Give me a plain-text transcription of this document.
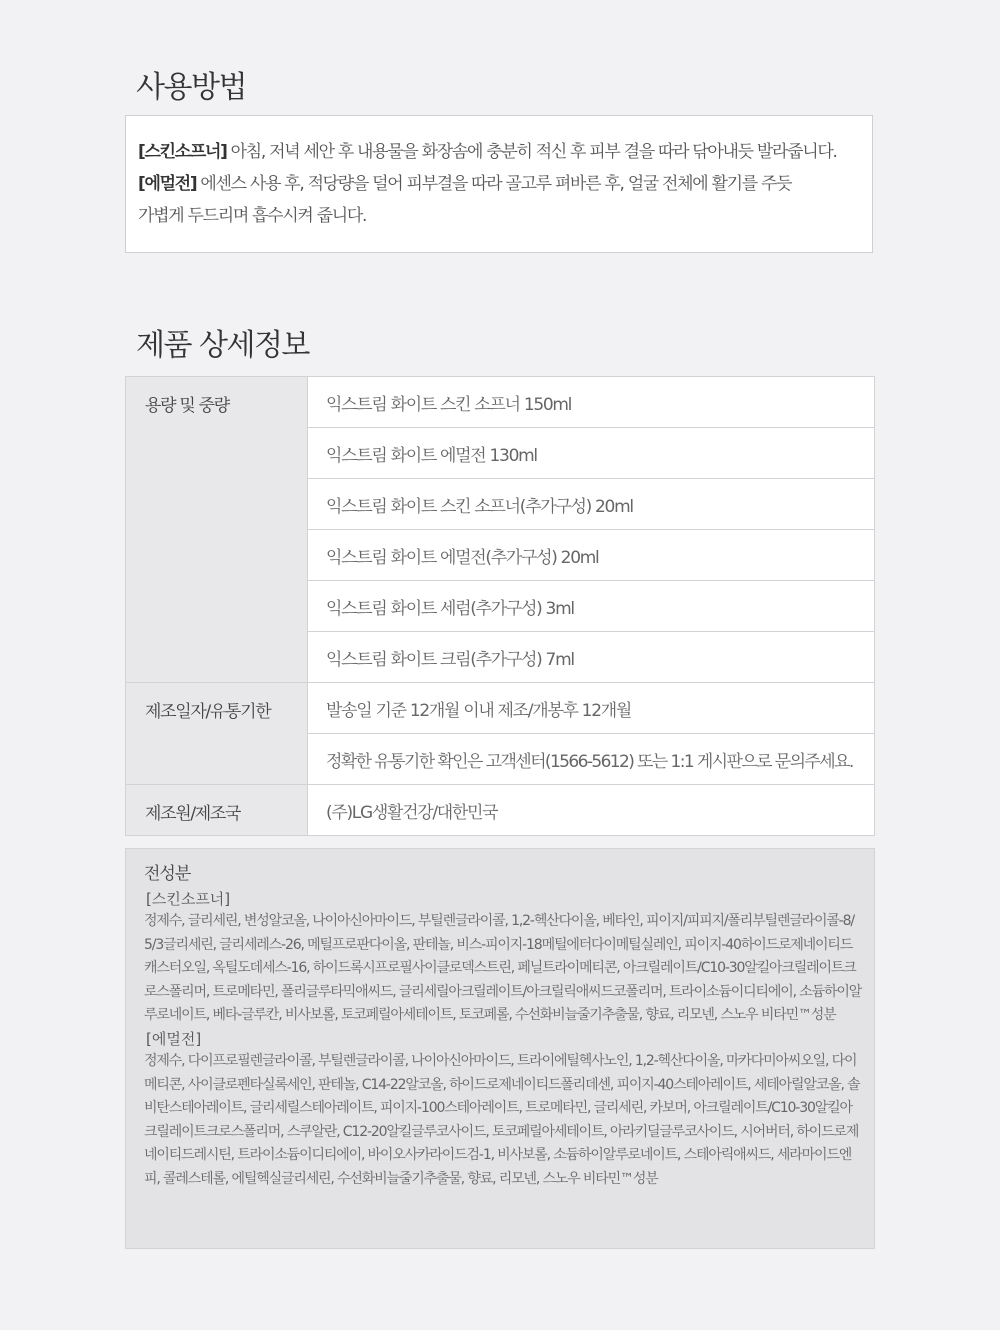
사용방법
[스킨소프너] 아침, 저녁 세안 후 내용물을 화장솜에 충분히 적신 후 피부 결을 따라 닦아내듯 발라줍니다.
[에멀전] 에센스 사용 후, 적당량을 덜어 피부결을 따라 골고루 펴바른 후, 얼굴 전체에 활기를 주듯
가볍게 두드리며 흡수시켜 줍니다.
제품 상세정보
용량 및 중량	익스트림 화이트 스킨 소프너 150ml
	익스트림 화이트 에멀전 130ml
	익스트림 화이트 스킨 소프너(추가구성) 20ml
	익스트림 화이트 에멀전(추가구성) 20ml
	익스트림 화이트 세럼(추가구성) 3ml
	익스트림 화이트 크림(추가구성) 7ml
제조일자/유통기한	발송일 기준 12개월 이내 제조/개봉후 12개월
	정확한 유통기한 확인은 고객센터(1566-5612) 또는 1:1 게시판으로 문의주세요.
제조원/제조국	(주)LG생활건강/대한민국
전성분
[스킨소프너]
정제수, 글리세린, 변성알코올, 나이아신아마이드, 부틸렌글라이콜, 1,2-헥산다이올, 베타인, 피이지/피피지/폴리부틸렌글라이콜-8/5/3글리세린, 글리세레스-26, 메틸프로판다이올, 판테놀, 비스-피이지-18메틸에터다이메틸실레인, 피이지-40하이드로제네이티드캐스터오일, 옥틸도데세스-16, 하이드록시프로필사이클로덱스트린, 페닐트라이메티콘, 아크릴레이트/C10-30알킬아크릴레이트크로스폴리머, 트로메타민, 폴리글루타믹애씨드, 글리세릴아크릴레이트/아크릴릭애씨드코폴리머, 트라이소듐이디티에이, 소듐하이알루로네이트, 베타-글루칸, 비사보롤, 토코페릴아세테이트, 토코페롤, 수선화비늘줄기추출물, 향료, 리모넨, 스노우 비타민™성분
[에멀전]
정제수, 다이프로필렌글라이콜, 부틸렌글라이콜, 나이아신아마이드, 트라이에틸헥사노인, 1,2-헥산다이올, 마카다미아씨오일, 다이메티콘, 사이클로펜타실록세인, 판테놀, C14-22알코올, 하이드로제네이티드폴리데센, 피이지-40스테아레이트, 세테아릴알코올, 솔비탄스테아레이트, 글리세릴스테아레이트, 피이지-100스테아레이트, 트로메타민, 글리세린, 카보머, 아크릴레이트/C10-30알킬아크릴레이트크로스폴리머, 스쿠알란, C12-20알킬글루코사이드, 토코페릴아세테이트, 아라키딜글루코사이드, 시어버터, 하이드로제네이티드레시틴, 트라이소듐이디티에이, 바이오사카라이드검-1, 비사보롤, 소듐하이알루로네이트, 스테아릭애씨드, 세라마이드엔피, 콜레스테롤, 에틸헥실글리세린, 수선화비늘줄기추출물, 향료, 리모넨, 스노우 비타민™성분
